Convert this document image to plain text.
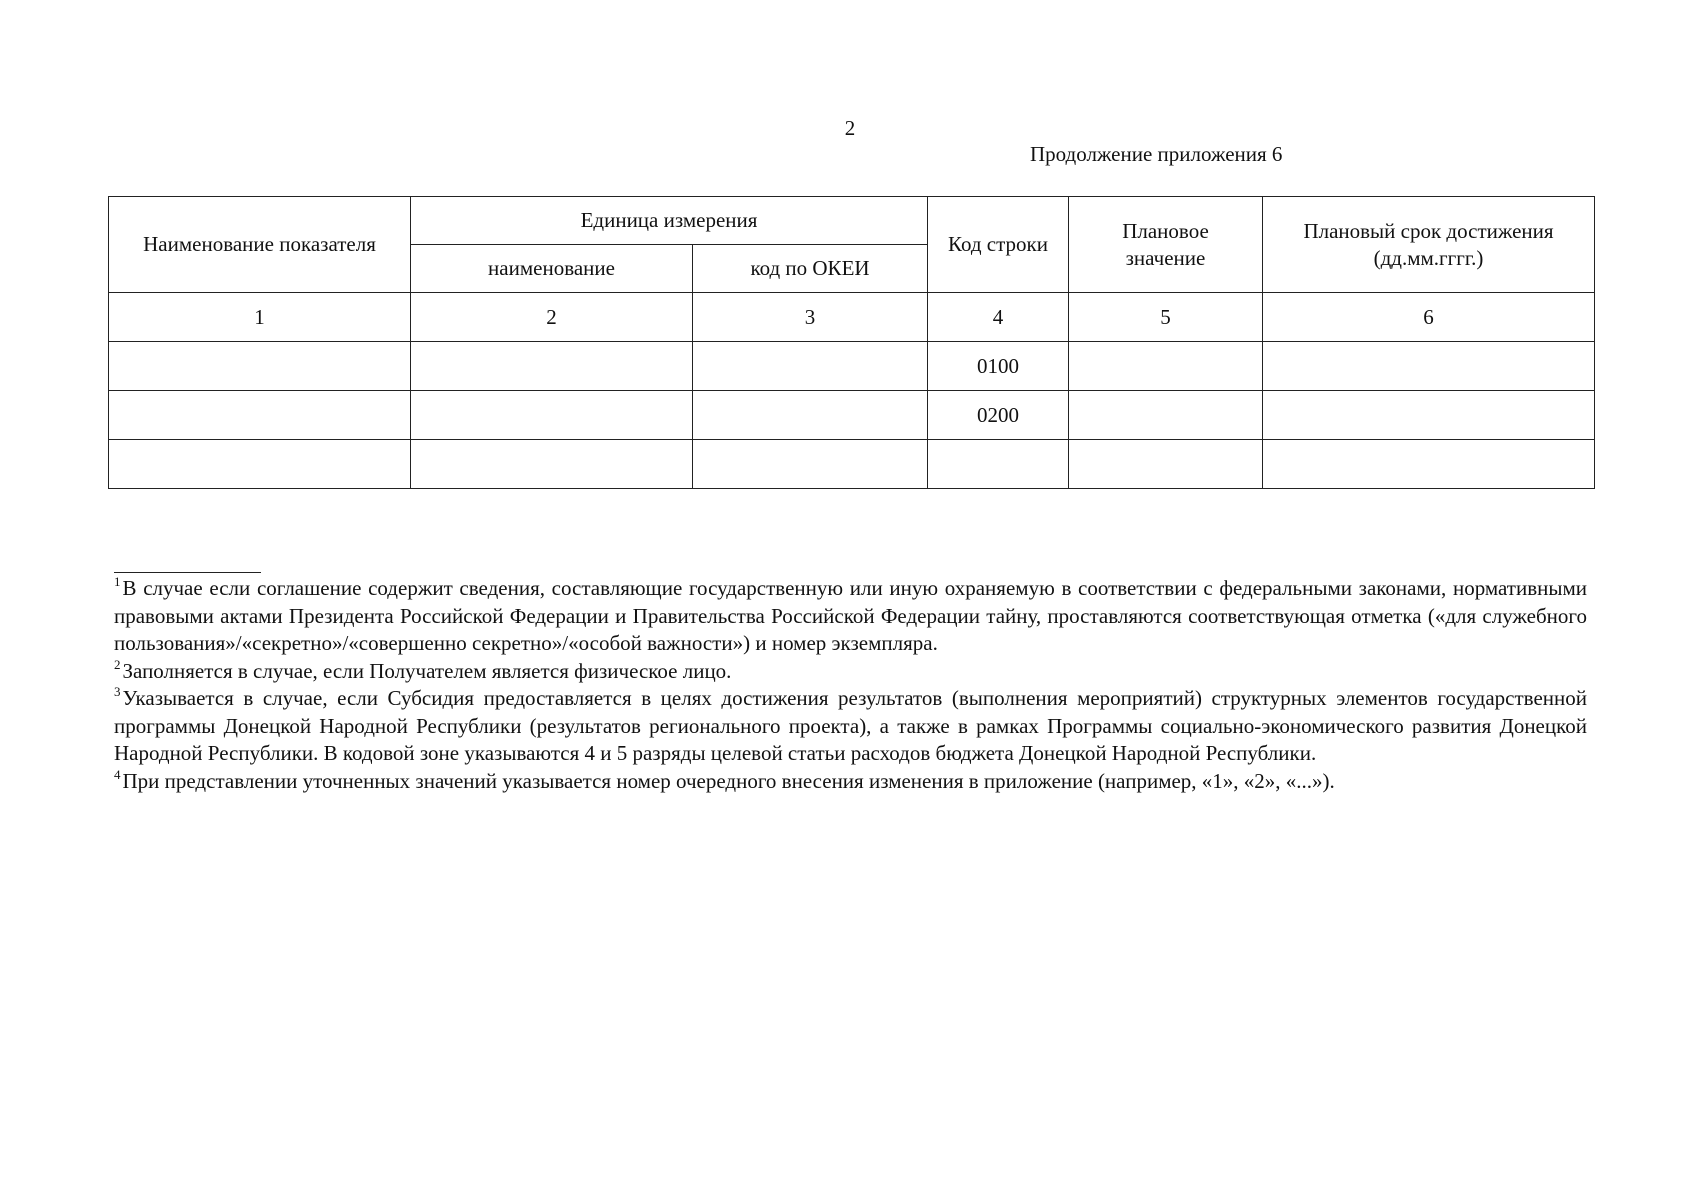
2
Продолжение приложения 6
Наименование показателя	Единица измерения		Код строки	Плановое значение	Плановый срок достижения (дд.мм.гггг.)
	наименование	код по ОКЕИ			
1	2	3	4	5	6
			0100		
			0200		

$^1$В случае если соглашение содержит сведения, составляющие государственную или иную охраняемую в соответствии с федеральными законами, нормативными правовыми актами Президента Российской Федерации и Правительства Российской Федерации тайну, проставляются соответствующая отметка («для служебного пользования»/«секретно»/«совершенно секретно»/«особой важности») и номер экземпляра.

$^2$Заполняется в случае, если Получателем является физическое лицо.

$^3$Указывается в случае, если Субсидия предоставляется в целях достижения результатов (выполнения мероприятий) структурных элементов государственной программы Донецкой Народной Республики (результатов регионального проекта), а также в рамках Программы социально-экономического развития Донецкой Народной Республики. В кодовой зоне указываются 4 и 5 разряды целевой статьи расходов бюджета Донецкой Народной Республики.

$^4$При представлении уточненных значений указывается номер очередного внесения изменения в приложение (например, «1», «2», «...»).
